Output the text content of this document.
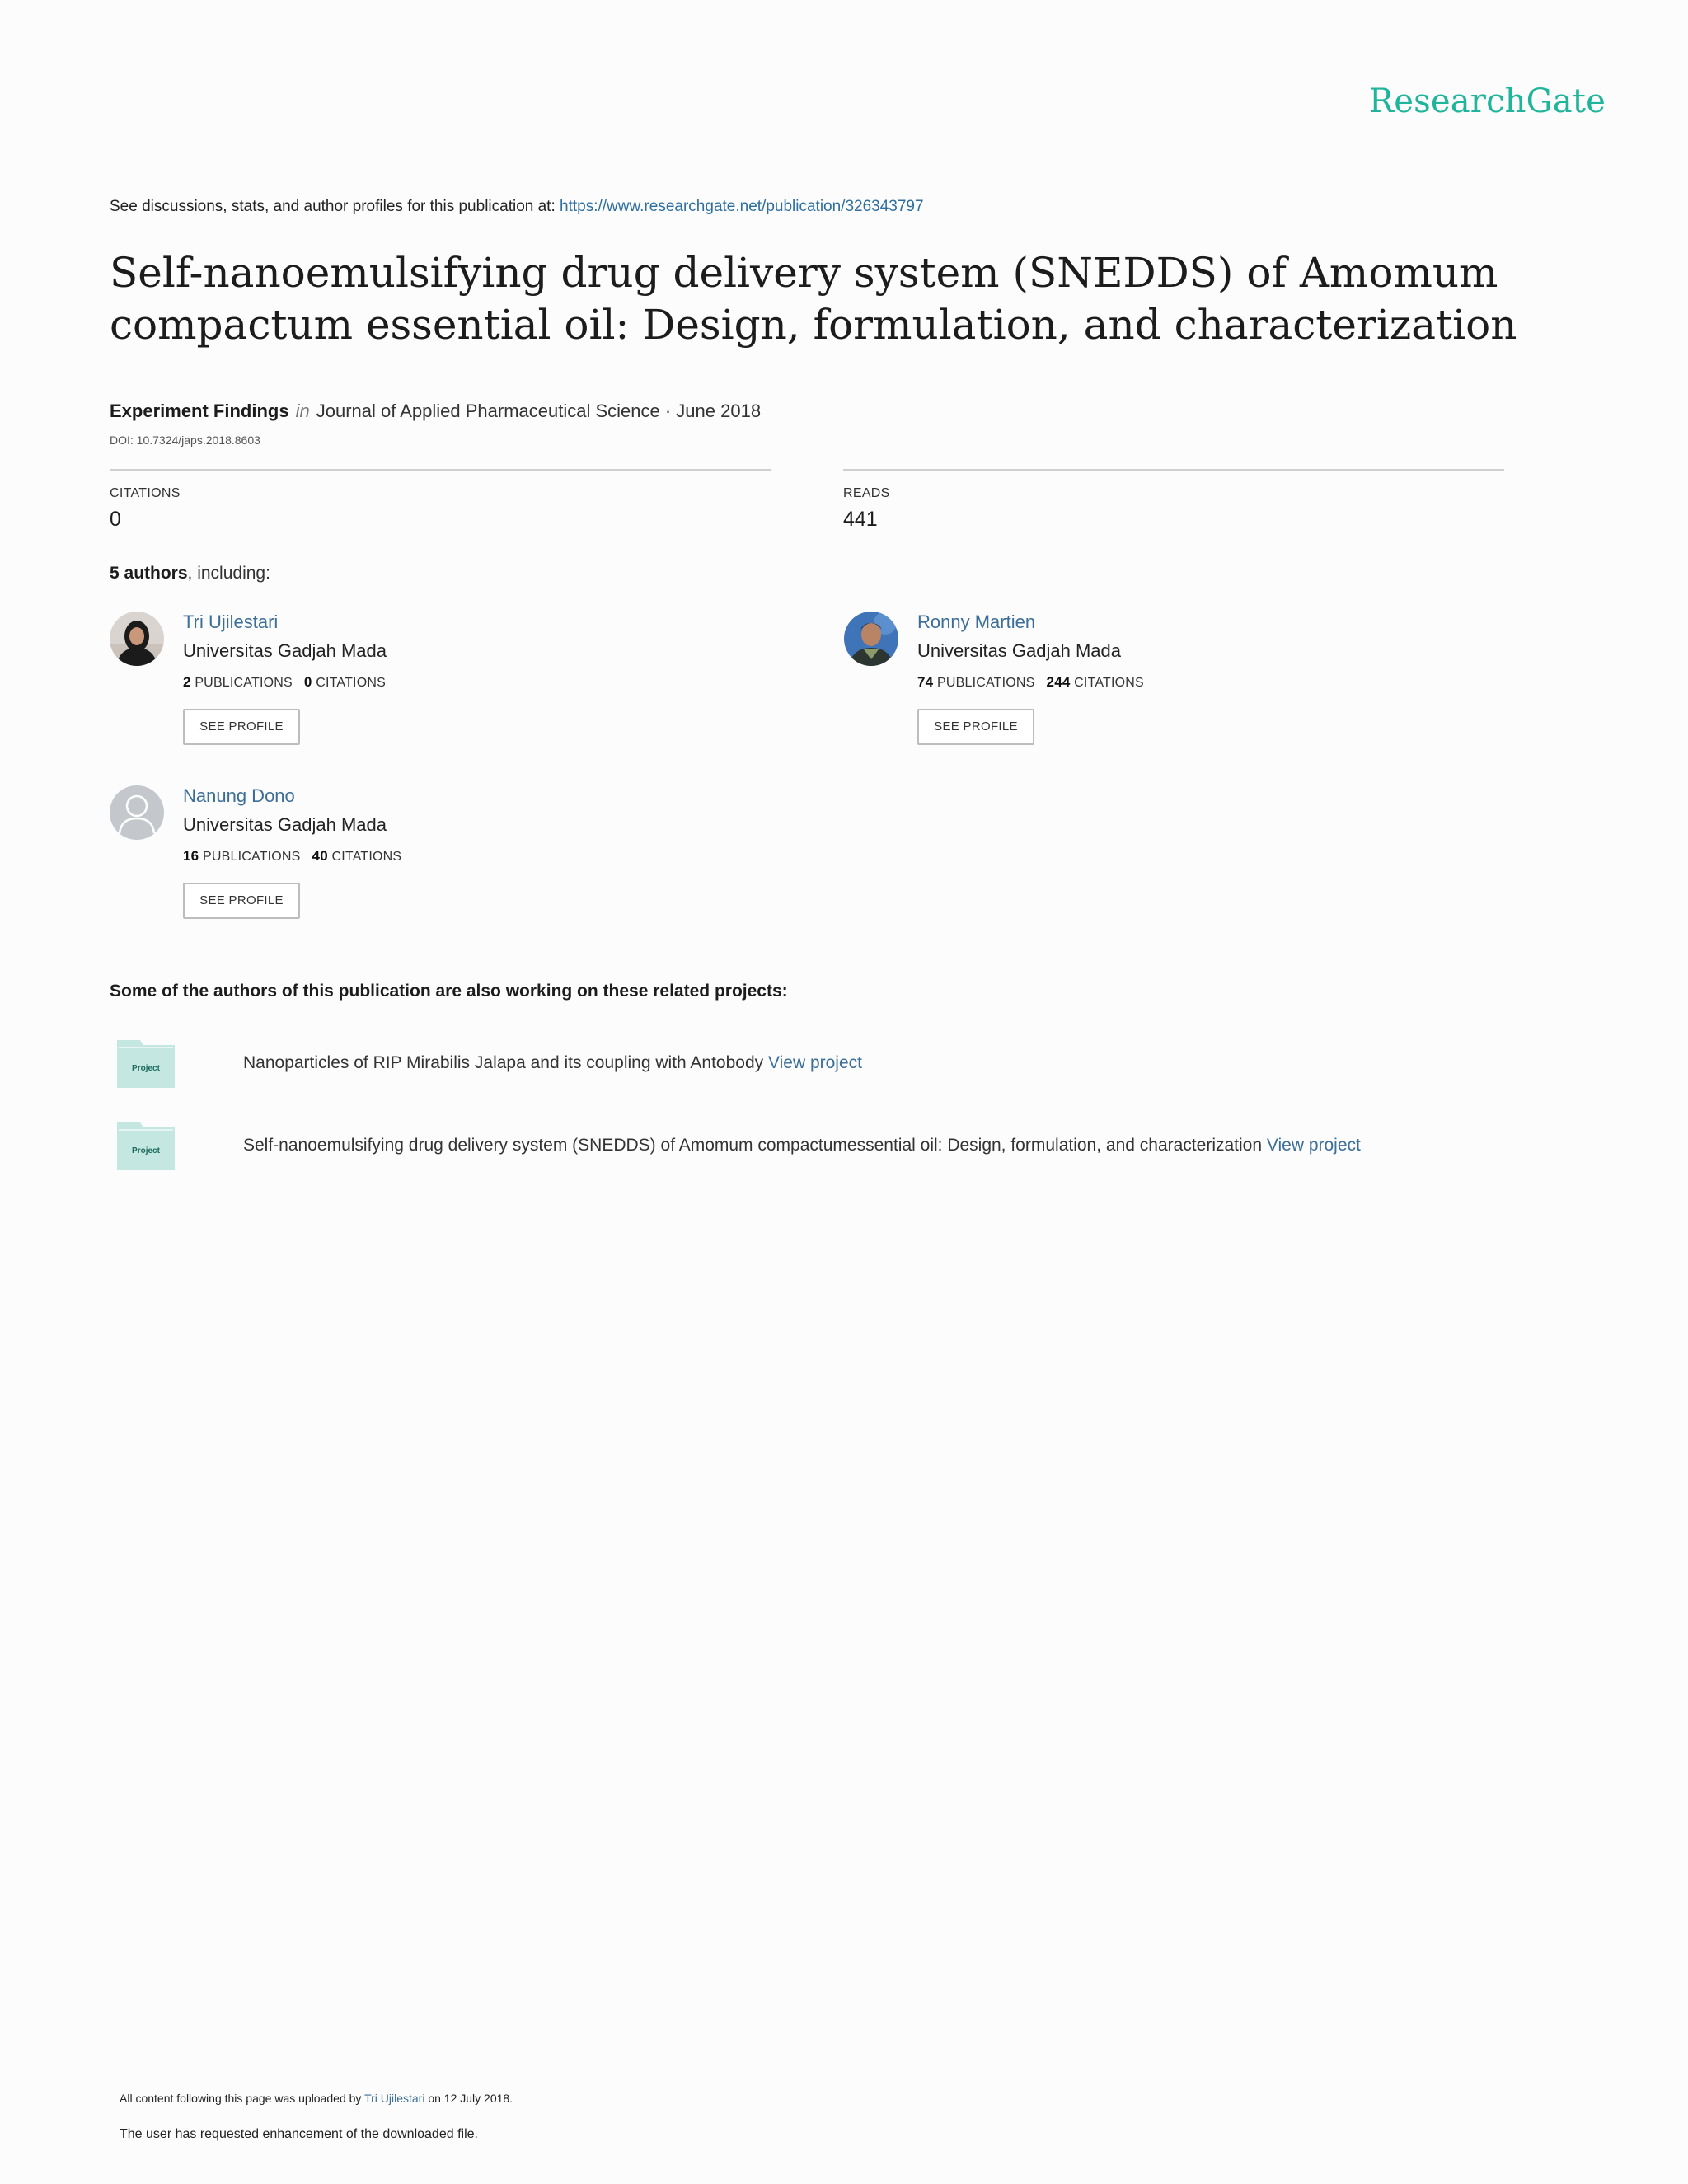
ResearchGate
See discussions, stats, and author profiles for this publication at: https://www.researchgate.net/publication/326343797
Self-nanoemulsifying drug delivery system (SNEDDS) of Amomum compactum essential oil: Design, formulation, and characterization
Experiment Findings in Journal of Applied Pharmaceutical Science · June 2018
DOI: 10.7324/japs.2018.8603
CITATIONS
0
READS
441
5 authors, including:
Tri Ujilestari
Universitas Gadjah Mada
2 PUBLICATIONS 0 CITATIONS
SEE PROFILE
Ronny Martien
Universitas Gadjah Mada
74 PUBLICATIONS 244 CITATIONS
SEE PROFILE
Nanung Dono
Universitas Gadjah Mada
16 PUBLICATIONS 40 CITATIONS
SEE PROFILE
Some of the authors of this publication are also working on these related projects:
Project	Nanoparticles of RIP Mirabilis Jalapa and its coupling with Antobody View project
Project	Self-nanoemulsifying drug delivery system (SNEDDS) of Amomum compactumessential oil: Design, formulation, and characterization View project
All content following this page was uploaded by Tri Ujilestari on 12 July 2018.
The user has requested enhancement of the downloaded file.
